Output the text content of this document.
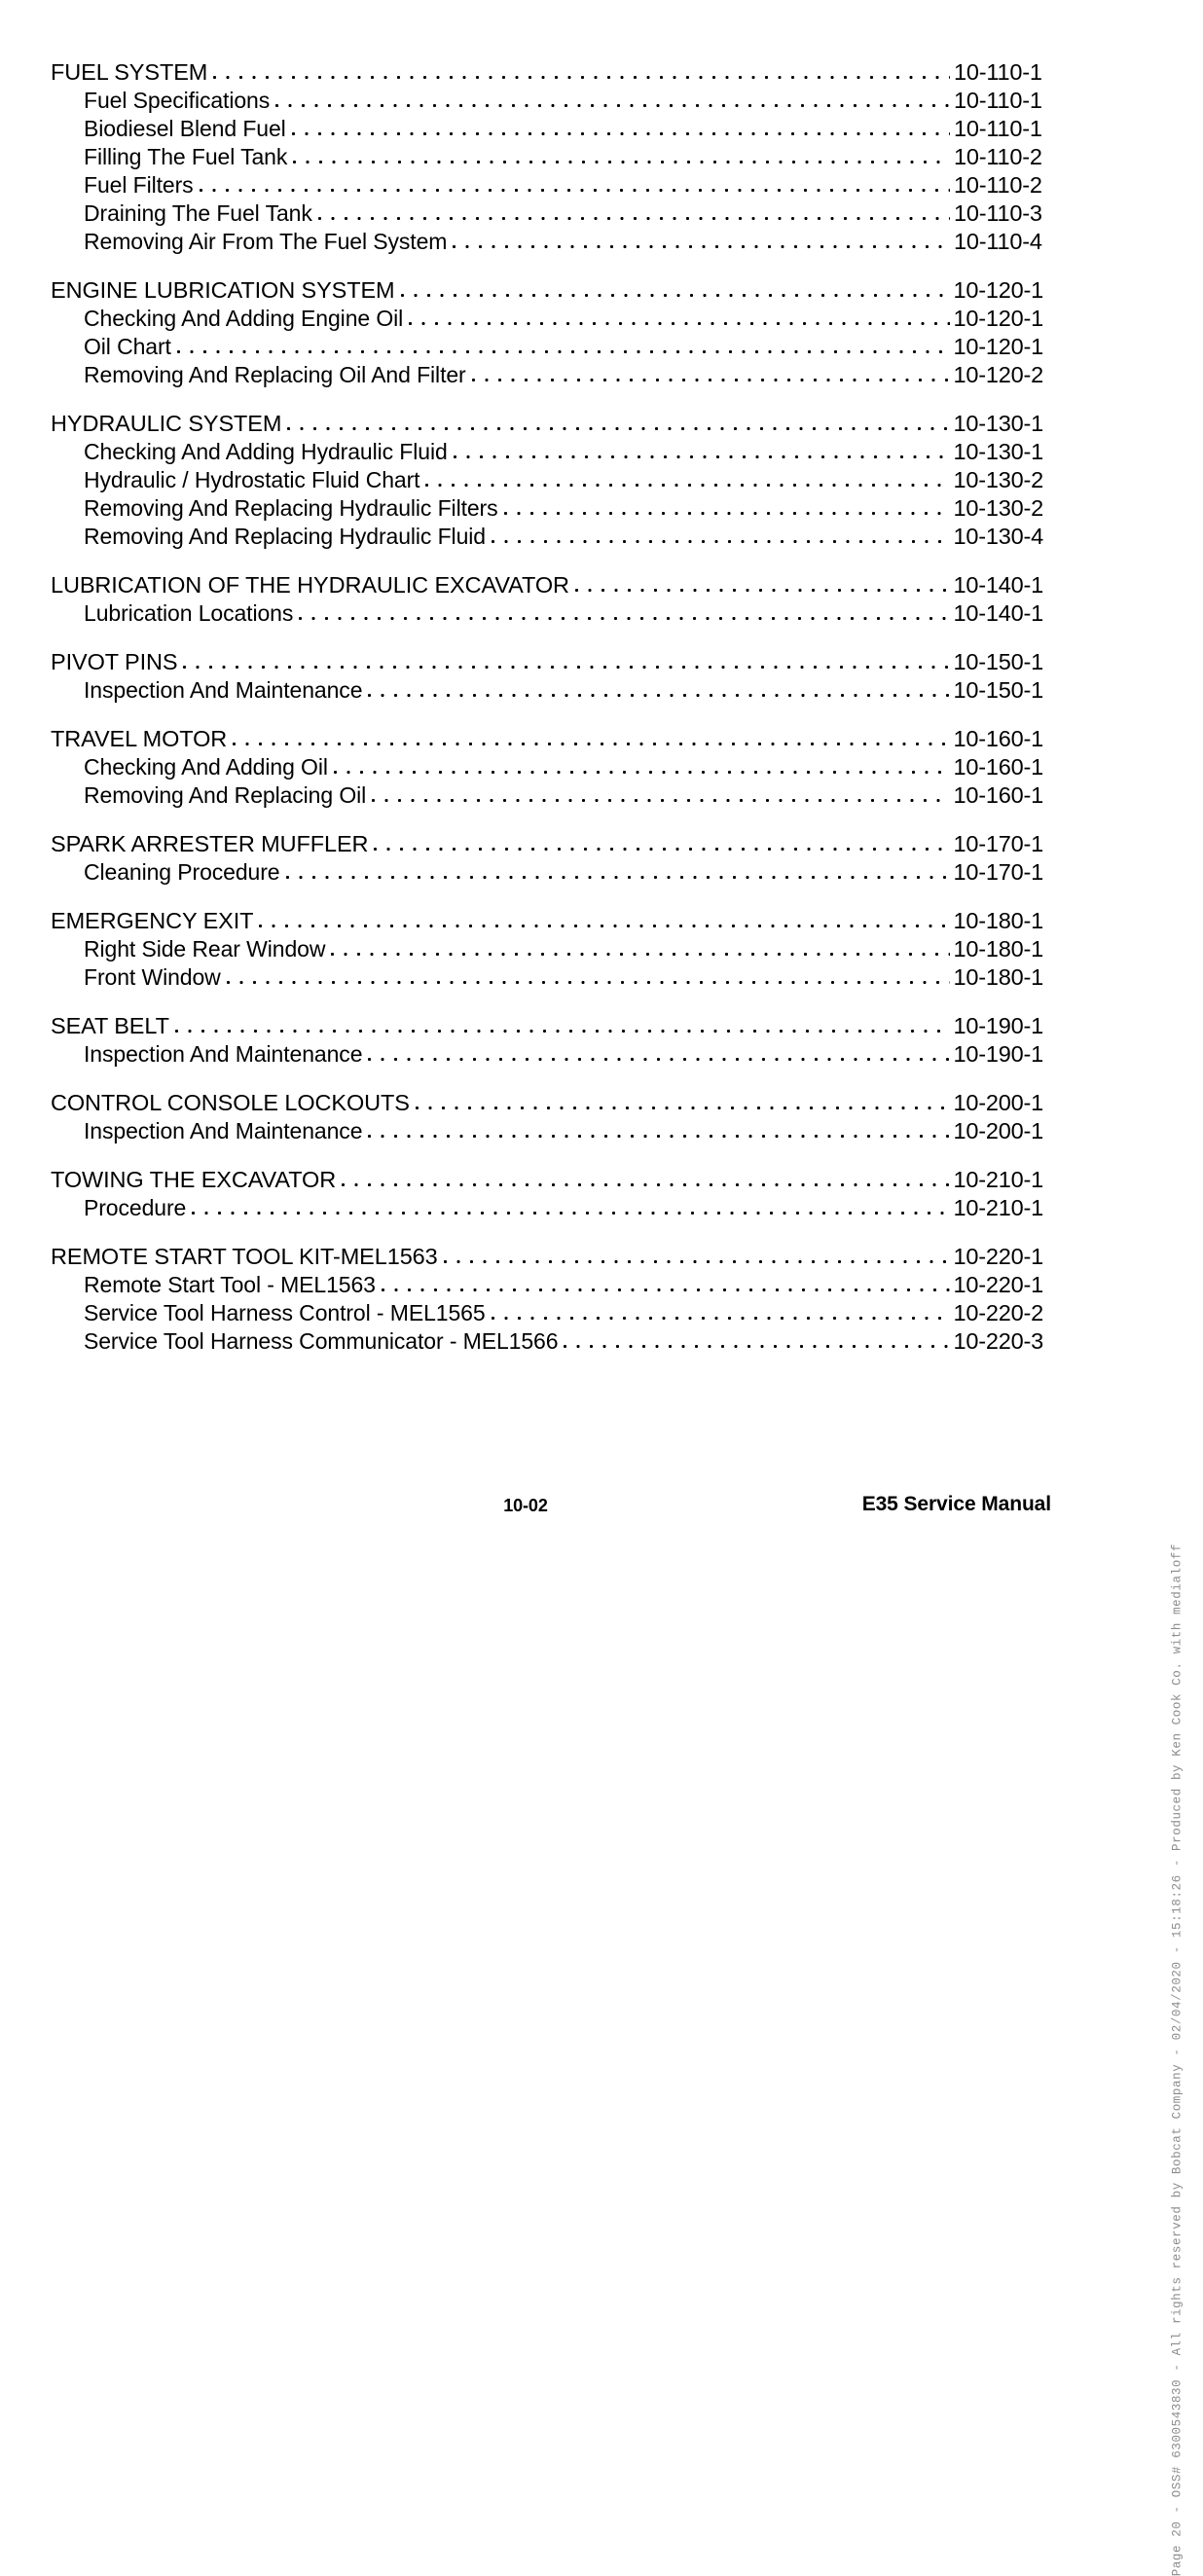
FUEL SYSTEM	10-110-1
Fuel Specifications	10-110-1
Biodiesel Blend Fuel	10-110-1
Filling The Fuel Tank	10-110-2
Fuel Filters	10-110-2
Draining The Fuel Tank	10-110-3
Removing Air From The Fuel System	10-110-4
ENGINE LUBRICATION SYSTEM	10-120-1
Checking And Adding Engine Oil	10-120-1
Oil Chart	10-120-1
Removing And Replacing Oil And Filter	10-120-2
HYDRAULIC SYSTEM	10-130-1
Checking And Adding Hydraulic Fluid	10-130-1
Hydraulic / Hydrostatic Fluid Chart	10-130-2
Removing And Replacing Hydraulic Filters	10-130-2
Removing And Replacing Hydraulic Fluid	10-130-4
LUBRICATION OF THE HYDRAULIC EXCAVATOR	10-140-1
Lubrication Locations	10-140-1
PIVOT PINS	10-150-1
Inspection And Maintenance	10-150-1
TRAVEL MOTOR	10-160-1
Checking And Adding Oil	10-160-1
Removing And Replacing Oil	10-160-1
SPARK ARRESTER MUFFLER	10-170-1
Cleaning Procedure	10-170-1
EMERGENCY EXIT	10-180-1
Right Side Rear Window	10-180-1
Front Window	10-180-1
SEAT BELT	10-190-1
Inspection And Maintenance	10-190-1
CONTROL CONSOLE LOCKOUTS	10-200-1
Inspection And Maintenance	10-200-1
TOWING THE EXCAVATOR	10-210-1
Procedure	10-210-1
REMOTE START TOOL KIT-MEL1563	10-220-1
Remote Start Tool - MEL1563	10-220-1
Service Tool Harness Control - MEL1565	10-220-2
Service Tool Harness Communicator - MEL1566	10-220-3
10-02	E35 Service Manual
Page 20 - OSS# 6300543830 - All rights reserved by Bobcat Company - 02/04/2020 - 15:18:26 - Produced by Ken Cook Co. with medialoff
